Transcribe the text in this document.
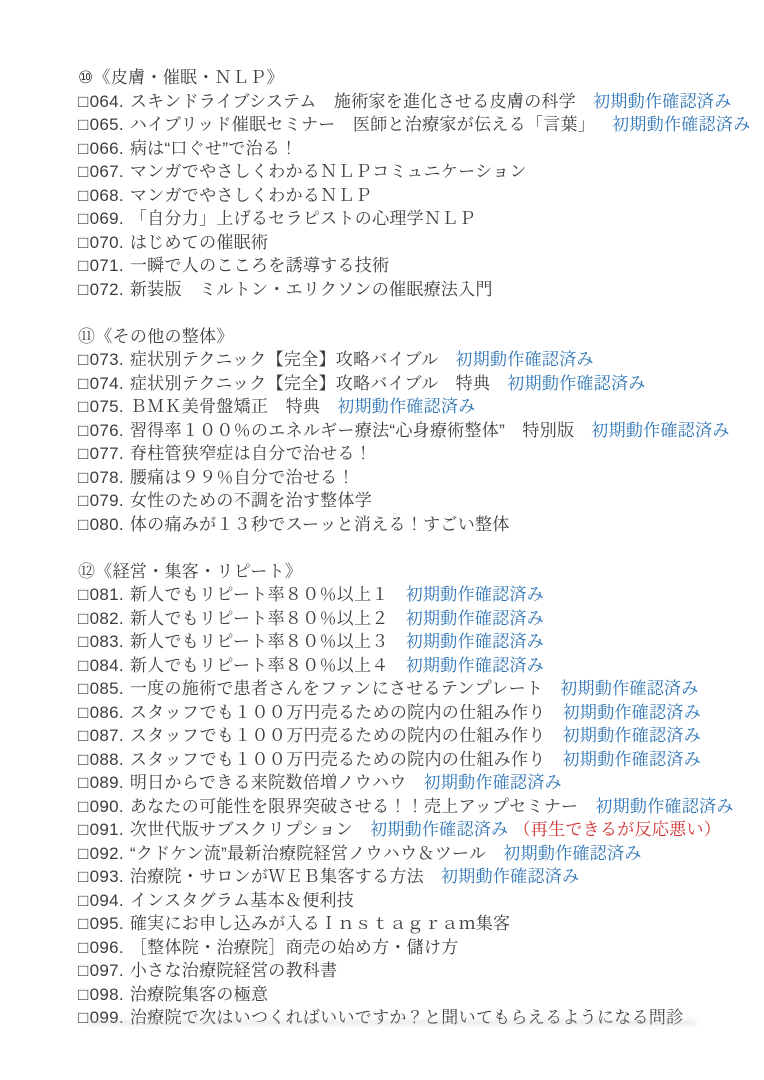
⑩《皮膚・催眠・ＮＬＰ》
□064. スキンドライブシステム　施術家を進化させる皮膚の科学 初期動作確認済み
□065. ハイブリッド催眠セミナー　医師と治療家が伝える「言葉」 初期動作確認済み
□066. 病は“口ぐせ”で治る！
□067. マンガでやさしくわかるＮＬＰコミュニケーション
□068. マンガでやさしくわかるＮＬＰ
□069. 「自分力」上げるセラピストの心理学ＮＬＰ
□070. はじめての催眠術
□071. 一瞬で人のこころを誘導する技術
□072. 新装版　ミルトン・エリクソンの催眠療法入門
⑪《その他の整体》
□073. 症状別テクニック【完全】攻略バイブル 初期動作確認済み
□074. 症状別テクニック【完全】攻略バイブル　特典 初期動作確認済み
□075. ＢＭＫ美骨盤矯正　特典 初期動作確認済み
□076. 習得率１００％のエネルギー療法“心身療術整体”　特別版 初期動作確認済み
□077. 脊柱管狭窄症は自分で治せる！
□078. 腰痛は９９％自分で治せる！
□079. 女性のための不調を治す整体学
□080. 体の痛みが１３秒でスーッと消える！すごい整体
⑫《経営・集客・リピート》
□081. 新人でもリピート率８０％以上１ 初期動作確認済み
□082. 新人でもリピート率８０％以上２ 初期動作確認済み
□083. 新人でもリピート率８０％以上３ 初期動作確認済み
□084. 新人でもリピート率８０％以上４ 初期動作確認済み
□085. 一度の施術で患者さんをファンにさせるテンプレート 初期動作確認済み
□086. スタッフでも１００万円売るための院内の仕組み作り 初期動作確認済み
□087. スタッフでも１００万円売るための院内の仕組み作り 初期動作確認済み
□088. スタッフでも１００万円売るための院内の仕組み作り 初期動作確認済み
□089. 明日からできる来院数倍増ノウハウ 初期動作確認済み
□090. あなたの可能性を限界突破させる！！売上アップセミナー 初期動作確認済み
□091. 次世代版サブスクリプション 初期動作確認済み （再生できるが反応悪い）
□092. “クドケン流”最新治療院経営ノウハウ＆ツール 初期動作確認済み
□093. 治療院・サロンがＷＥＢ集客する方法 初期動作確認済み
□094. インスタグラム基本＆便利技
□095. 確実にお申し込みが入るＩｎｓｔａｇｒａｍ集客
□096. ［整体院・治療院］商売の始め方・儲け方
□097. 小さな治療院経営の教科書
□098. 治療院集客の極意
□099. 治療院で次はいつくればいいですか？と聞いてもらえるようになる問診
